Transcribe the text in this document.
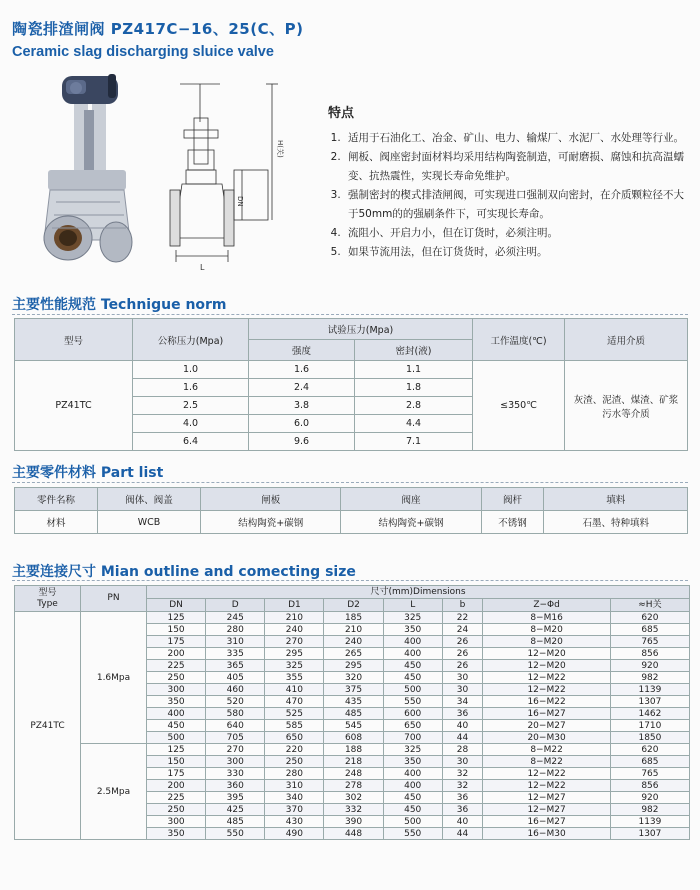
陶瓷排渣闸阀 PZ417C−16、25(C、P)
Ceramic slag discharging sluice valve
H(关)
DN
L
特点
1. 适用于石油化工、冶金、矿山、电力、输煤厂、水泥厂、水处理等行业。
2. 闸板、阀座密封面材料均采用结构陶瓷制造，可耐磨损、腐蚀和抗高温蠕变、抗热震性，实现长寿命免维护。
3. 强制密封的楔式排渣闸阀，可实现进口强制双向密封，在介质颗粒径不大于50mm的的强刷条件下，可实现长寿命。
4. 流阻小、开启力小，但在订货时，必须注明。
5. 如果节流用法，但在订货货时，必须注明。
主要性能规范 Technigue norm
型号	公称压力(Mpa)	试验压力(Mpa)		工作温度(℃)	适用介质
		强度	密封(液)		
PZ41TC	1.0	1.6	1.1	≤350℃	灰渣、泥渣、煤渣、矿浆
污水等介质

	1.6	2.4	1.8		
	2.5	3.8	2.8		
	4.0	6.0	4.4		
	6.4	9.6	7.1		
主要零件材料 Part list
零件名称	阀体、阀盖	闸板	阀座	阀杆	填料
材料	WCB	结构陶瓷+碳钢	结构陶瓷+碳钢	不锈钢	石墨、特种填料
主要连接尺寸 Mian outline and comecting size
型号
Type	PN	尺寸(mm)Dimensions							
		DN	D	D1	D2	L	b	Z−Φd	≈H关
PZ41TC	1.6Mpa	125	245	210	185	325	22	8−M16	620
		150	280	240	210	350	24	8−M20	685
		175	310	270	240	400	26	8−M20	765
		200	335	295	265	400	26	12−M20	856
		225	365	325	295	450	26	12−M20	920
		250	405	355	320	450	30	12−M22	982
		300	460	410	375	500	30	12−M22	1139
		350	520	470	435	550	34	16−M22	1307
		400	580	525	485	600	36	16−M27	1462
		450	640	585	545	650	40	20−M27	1710
		500	705	650	608	700	44	20−M30	1850
	2.5Mpa	125	270	220	188	325	28	8−M22	620
		150	300	250	218	350	30	8−M22	685
		175	330	280	248	400	32	12−M22	765
		200	360	310	278	400	32	12−M22	856
		225	395	340	302	450	36	12−M27	920
		250	425	370	332	450	36	12−M27	982
		300	485	430	390	500	40	16−M27	1139
		350	550	490	448	550	44	16−M30	1307
